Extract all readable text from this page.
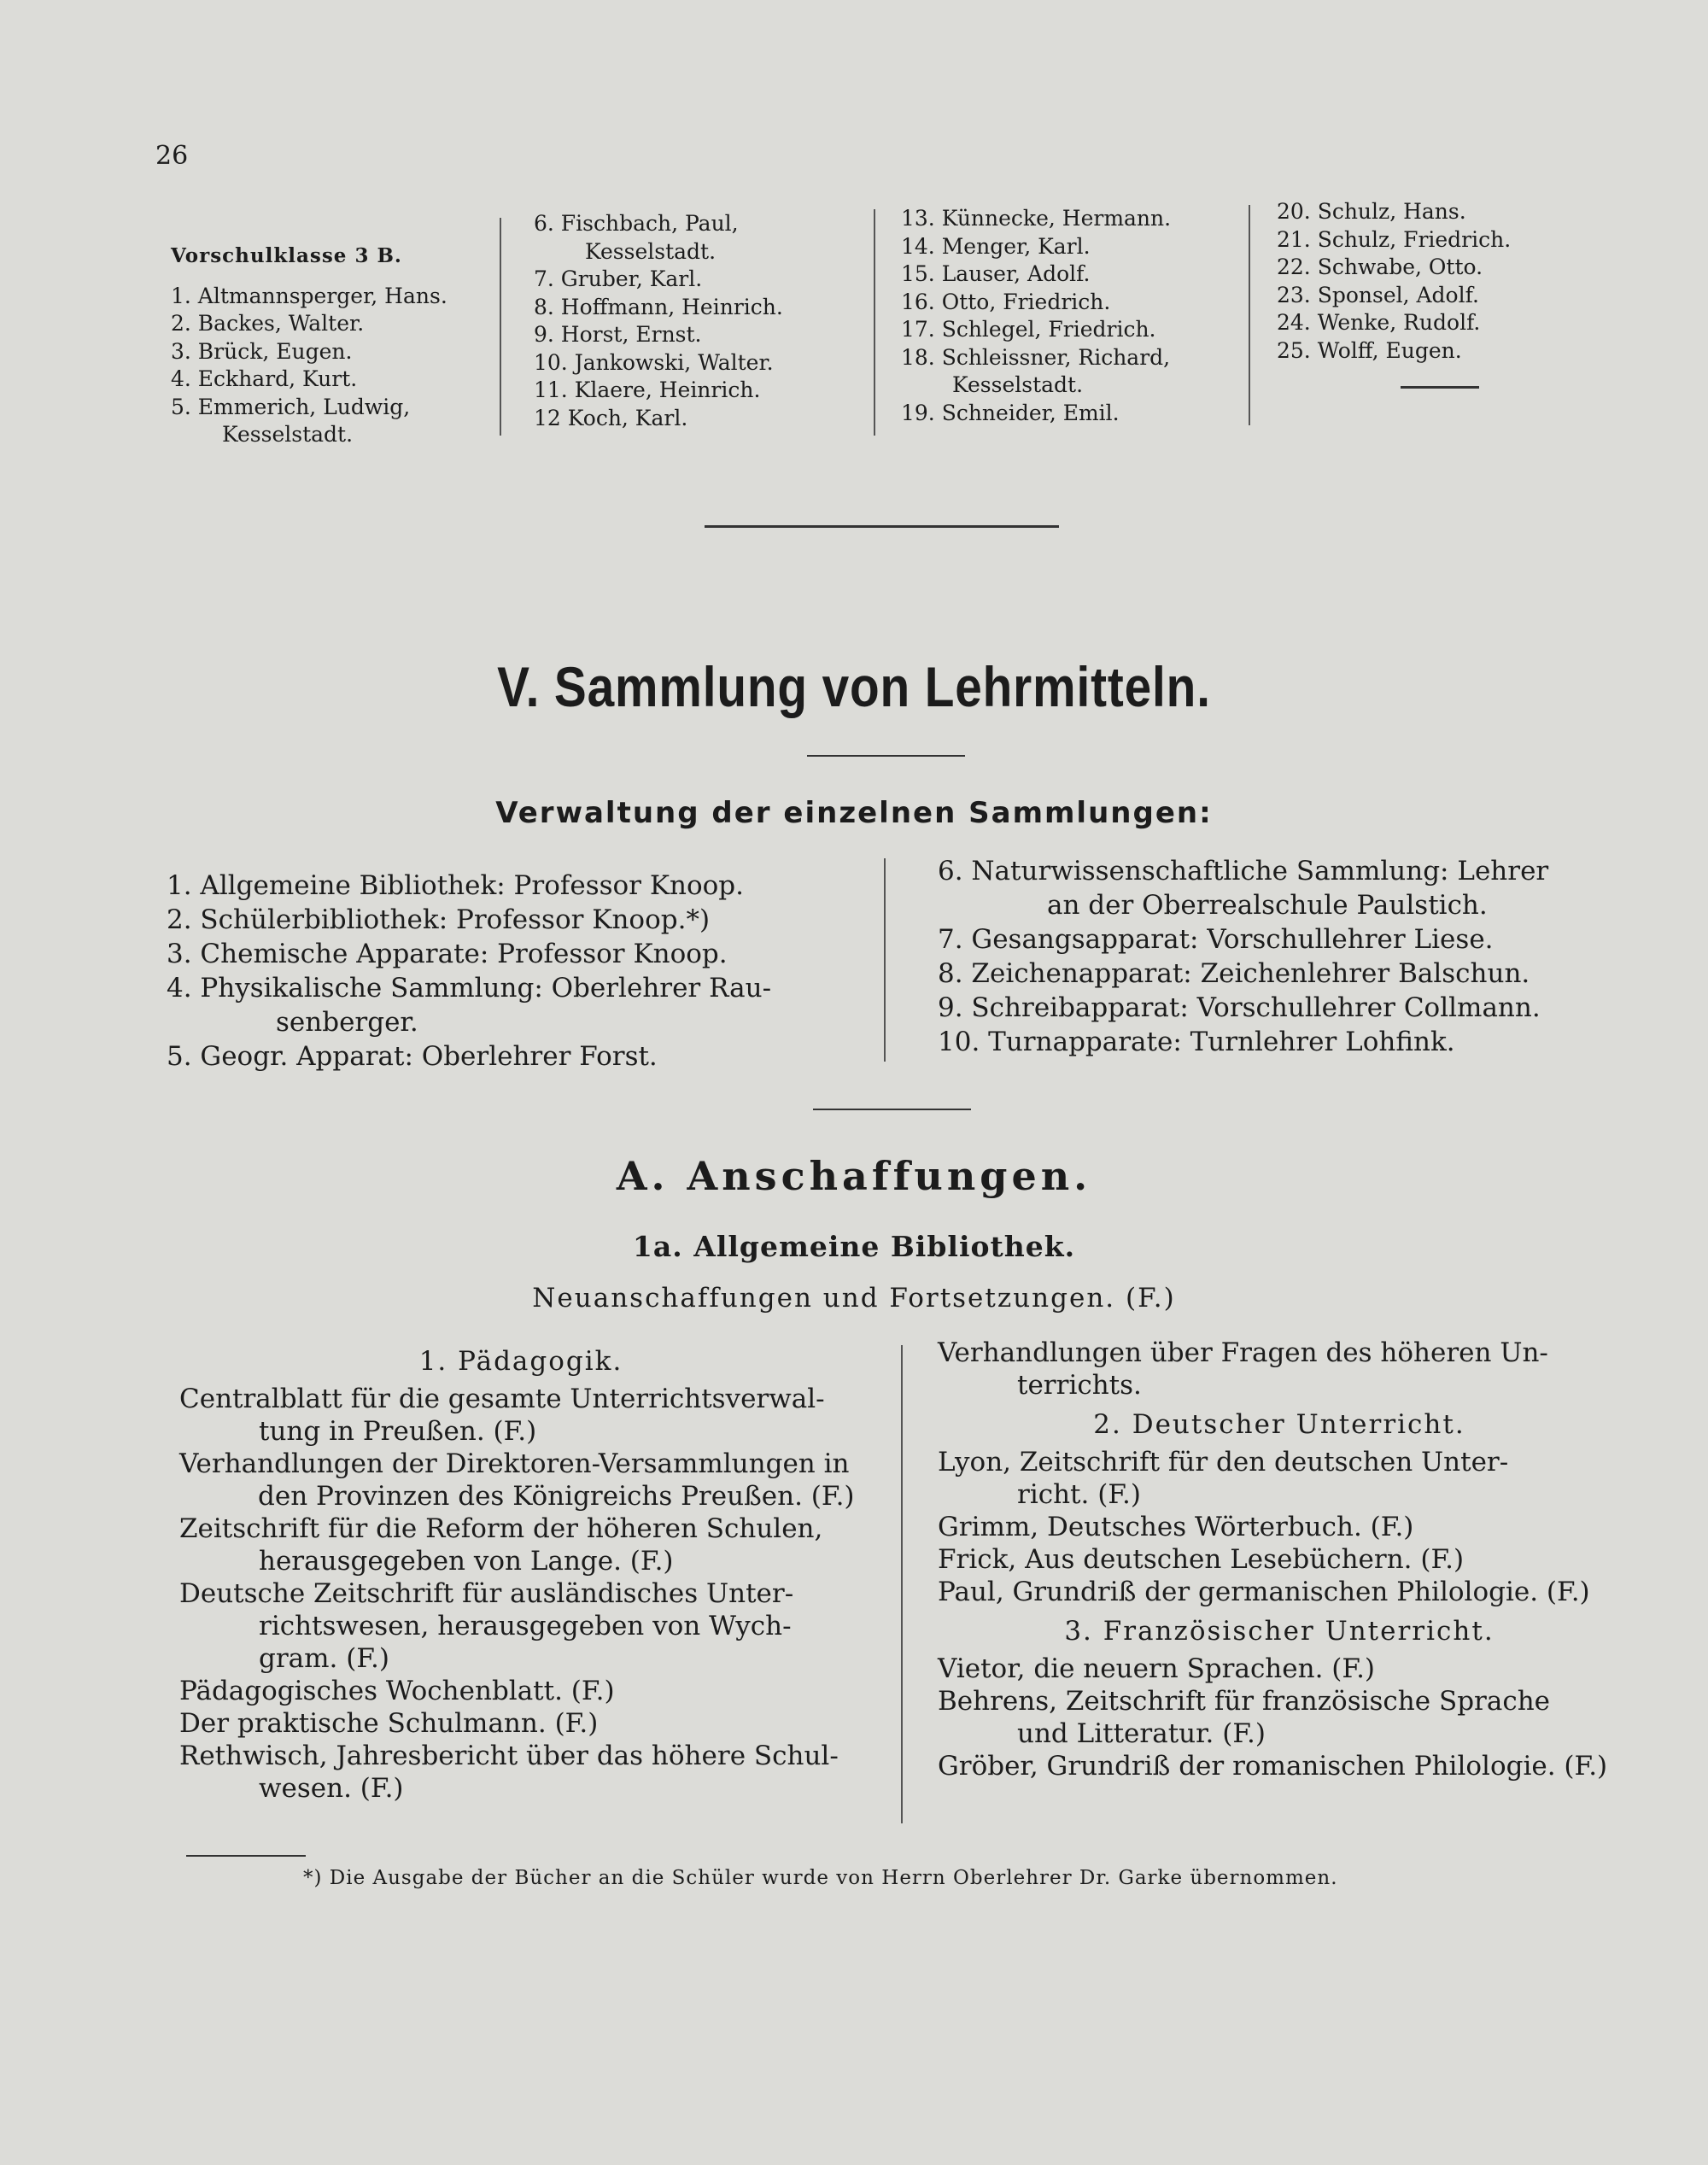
26
Vorschulklasse 3 B.
1. Altmannsperger, Hans.
2. Backes, Walter.
3. Brück, Eugen.
4. Eckhard, Kurt.
5. Emmerich, Ludwig,
Kesselstadt.
6. Fischbach, Paul,
Kesselstadt.
7. Gruber, Karl.
8. Hoffmann, Heinrich.
9. Horst, Ernst.
10. Jankowski, Walter.
11. Klaere, Heinrich.
12 Koch, Karl.
13. Künnecke, Hermann.
14. Menger, Karl.
15. Lauser, Adolf.
16. Otto, Friedrich.
17. Schlegel, Friedrich.
18. Schleissner, Richard,
Kesselstadt.
19. Schneider, Emil.
20. Schulz, Hans.
21. Schulz, Friedrich.
22. Schwabe, Otto.
23. Sponsel, Adolf.
24. Wenke, Rudolf.
25. Wolff, Eugen.
V. Sammlung von Lehrmitteln.
Verwaltung der einzelnen Sammlungen:
1. Allgemeine Bibliothek: Professor Knoop.
2. Schülerbibliothek: Professor Knoop.*)
3. Chemische Apparate: Professor Knoop.
4. Physikalische Sammlung: Oberlehrer Rau-
senberger.
5. Geogr. Apparat: Oberlehrer Forst.
6. Naturwissenschaftliche Sammlung: Lehrer
an der Oberrealschule Paulstich.
7. Gesangsapparat: Vorschullehrer Liese.
8. Zeichenapparat: Zeichenlehrer Balschun.
9. Schreibapparat: Vorschullehrer Collmann.
10. Turnapparate: Turnlehrer Lohfink.
A. Anschaffungen.
1a. Allgemeine Bibliothek.
Neuanschaffungen und Fortsetzungen. (F.)
1. Pädagogik.
Centralblatt für die gesamte Unterrichtsverwal-
tung in Preußen. (F.)
Verhandlungen der Direktoren-Versammlungen in
den Provinzen des Königreichs Preußen. (F.)
Zeitschrift für die Reform der höheren Schulen,
herausgegeben von Lange. (F.)
Deutsche Zeitschrift für ausländisches Unter-
richtswesen, herausgegeben von Wych-
gram. (F.)
Pädagogisches Wochenblatt. (F.)
Der praktische Schulmann. (F.)
Rethwisch, Jahresbericht über das höhere Schul-
wesen. (F.)
Verhandlungen über Fragen des höheren Un-
terrichts.
2. Deutscher Unterricht.
Lyon, Zeitschrift für den deutschen Unter-
richt. (F.)
Grimm, Deutsches Wörterbuch. (F.)
Frick, Aus deutschen Lesebüchern. (F.)
Paul, Grundriß der germanischen Philologie. (F.)
3. Französischer Unterricht.
Vietor, die neuern Sprachen. (F.)
Behrens, Zeitschrift für französische Sprache
und Litteratur. (F.)
Gröber, Grundriß der romanischen Philologie. (F.)
*) Die Ausgabe der Bücher an die Schüler wurde von Herrn Oberlehrer Dr. Garke übernommen.
